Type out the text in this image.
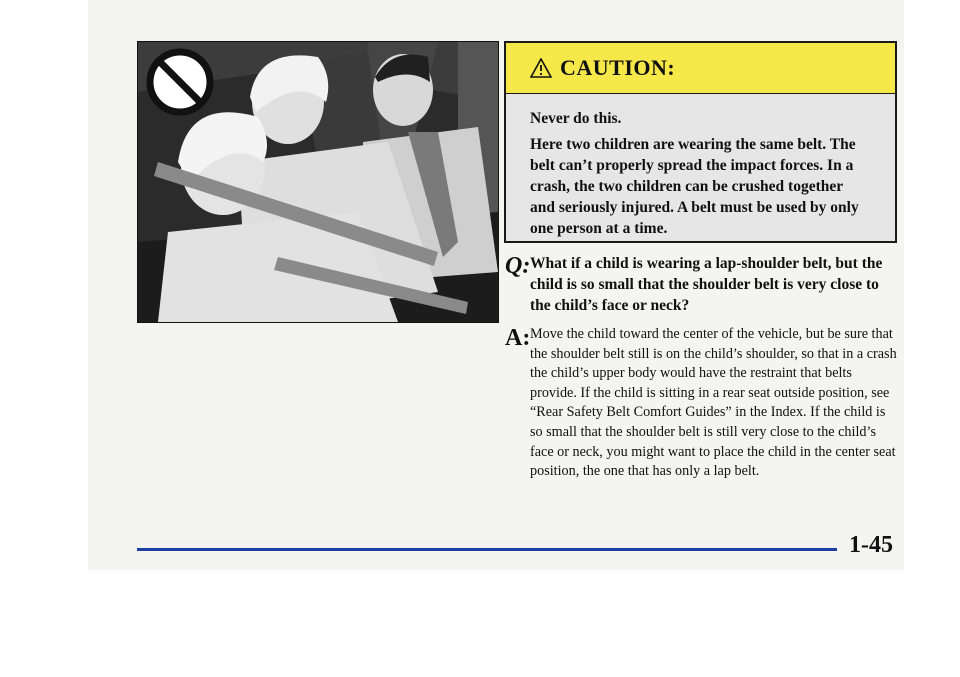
CAUTION:

Never do this.

Here two children are wearing the same belt. The belt can’t properly spread the impact forces. In a crash, the two children can be crushed together and seriously injured. A belt must be used by only one person at a time.

Q: What if a child is wearing a lap-shoulder belt, but the child is so small that the shoulder belt is very close to the child’s face or neck?
A: Move the child toward the center of the vehicle, but be sure that the shoulder belt still is on the child’s shoulder, so that in a crash the child’s upper body would have the restraint that belts provide. If the child is sitting in a rear seat outside position, see “Rear Safety Belt Comfort Guides” in the Index. If the child is so small that the shoulder belt is still very close to the child’s face or neck, you might want to place the child in the center seat position, the one that has only a lap belt.
1-45
